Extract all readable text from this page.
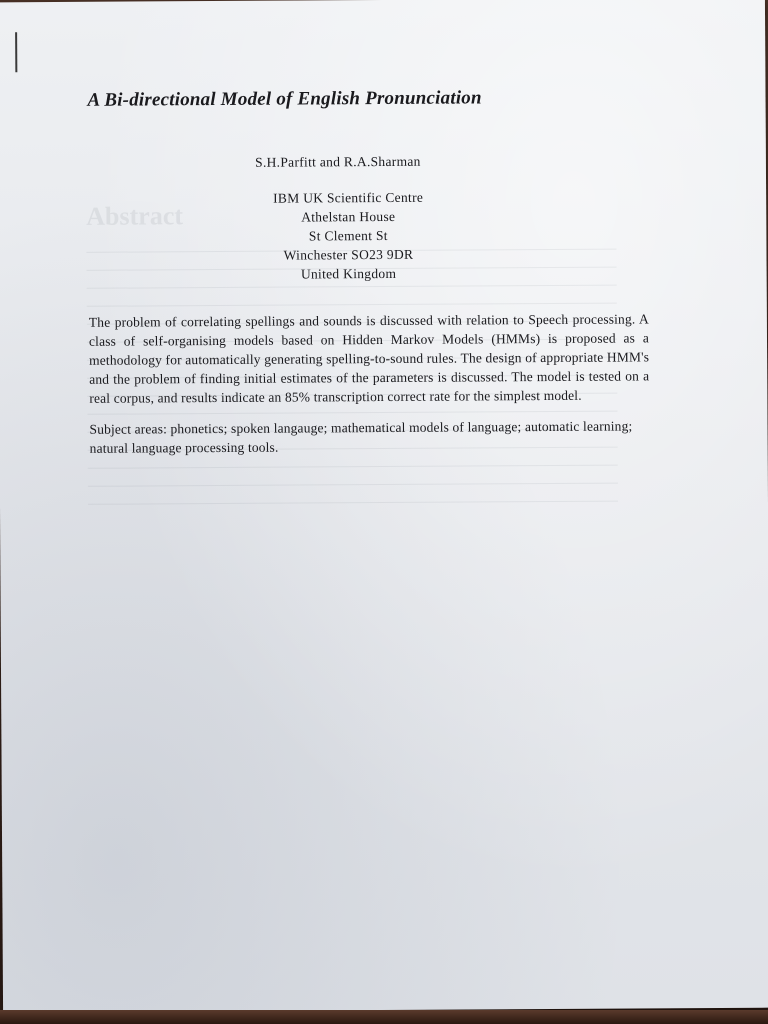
Abstract
A Bi-directional Model of English Pronunciation
S.H.Parfitt and R.A.Sharman
IBM UK Scientific Centre
Athelstan House
St Clement St
Winchester SO23 9DR
United Kingdom
The problem of correlating spellings and sounds is discussed with relation to Speech processing. A class of self-organising models based on Hidden Markov Models (HMMs) is proposed as a methodology for automatically generating spelling-to-sound rules. The design of appropriate HMM's and the problem of finding initial estimates of the parameters is discussed. The model is tested on a real corpus, and results indicate an 85% transcription correct rate for the simplest model.
Subject areas: phonetics; spoken langauge; mathematical models of language; automatic learning; natural language processing tools.
